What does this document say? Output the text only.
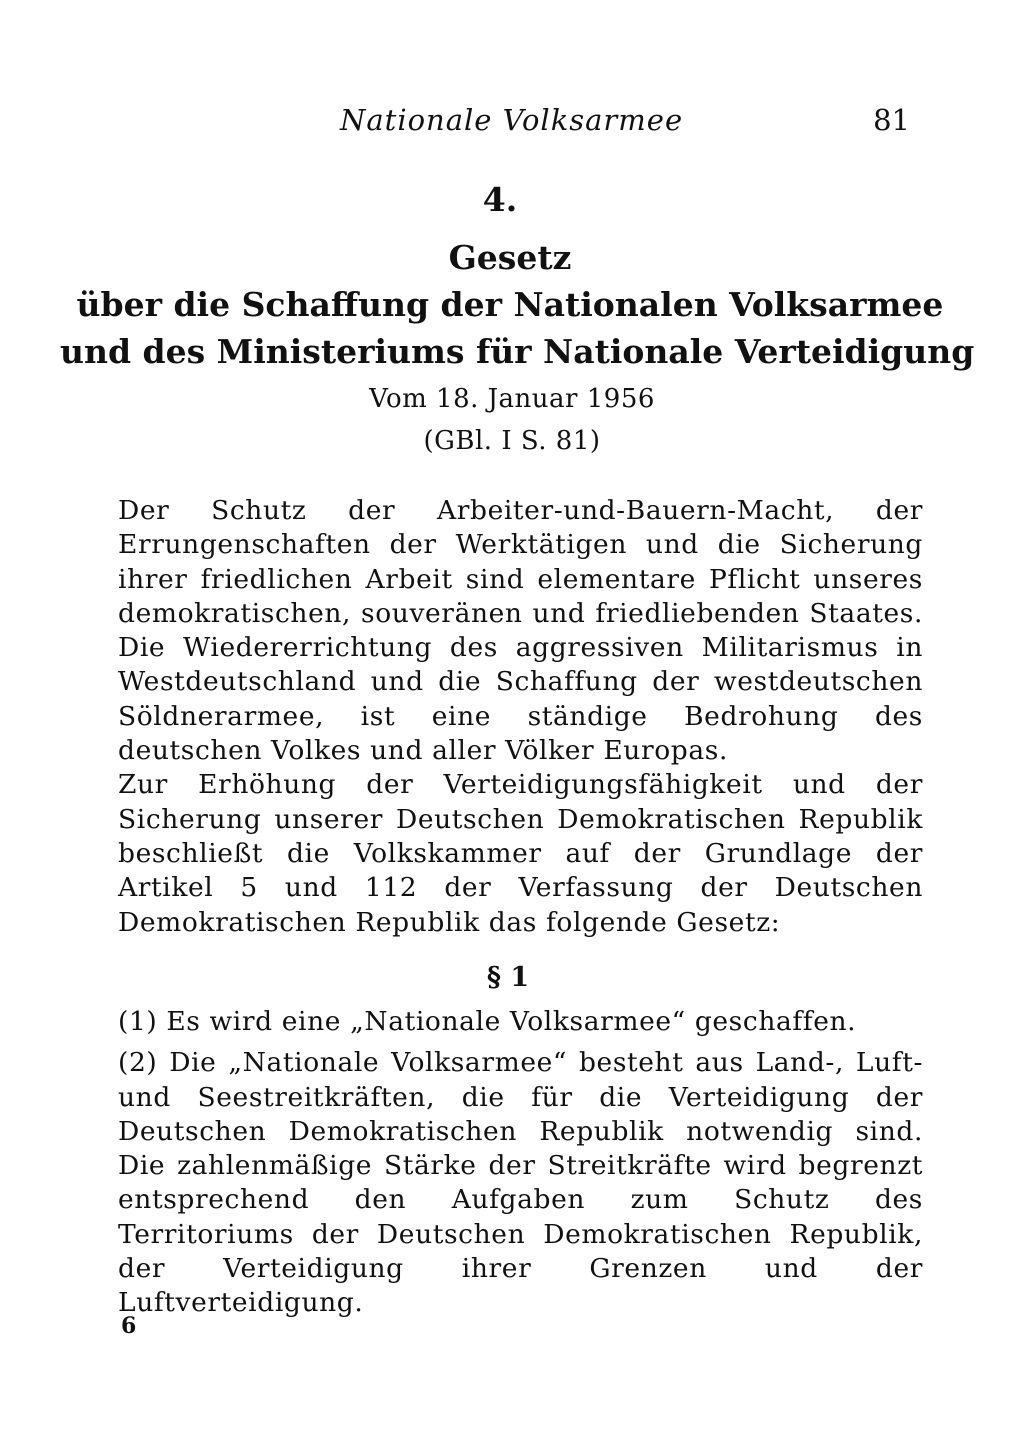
Nationale Volksarmee	81
4.
Gesetz
über die Schaffung der Nationalen Volksarmee
und des Ministeriums für Nationale Verteidigung
Vom 18. Januar 1956
(GBl. I S. 81)

Der Schutz der Arbeiter-und-Bauern-Macht, der Errungenschaften der Werktätigen und die Sicherung ihrer friedlichen Arbeit sind elementare Pflicht unseres demokratischen, souveränen und friedliebenden Staates. Die Wiedererrichtung des aggressiven Militarismus in Westdeutschland und die Schaffung der westdeutschen Söldnerarmee, ist eine ständige Bedrohung des deutschen Volkes und aller Völker Europas.

Zur Erhöhung der Verteidigungsfähigkeit und der Sicherung unserer Deutschen Demokratischen Republik beschließt die Volkskammer auf der Grundlage der Artikel 5 und 112 der Verfassung der Deutschen Demokratischen Republik das folgende Gesetz:

§ 1

(1) Es wird eine „Nationale Volksarmee“ geschaffen.

(2) Die „Nationale Volksarmee“ besteht aus Land-, Luft- und Seestreitkräften, die für die Verteidigung der Deutschen Demokratischen Republik notwendig sind. Die zahlenmäßige Stärke der Streitkräfte wird begrenzt entsprechend den Aufgaben zum Schutz des Territoriums der Deutschen Demokratischen Republik, der Verteidigung ihrer Grenzen und der Luftverteidigung.

6
